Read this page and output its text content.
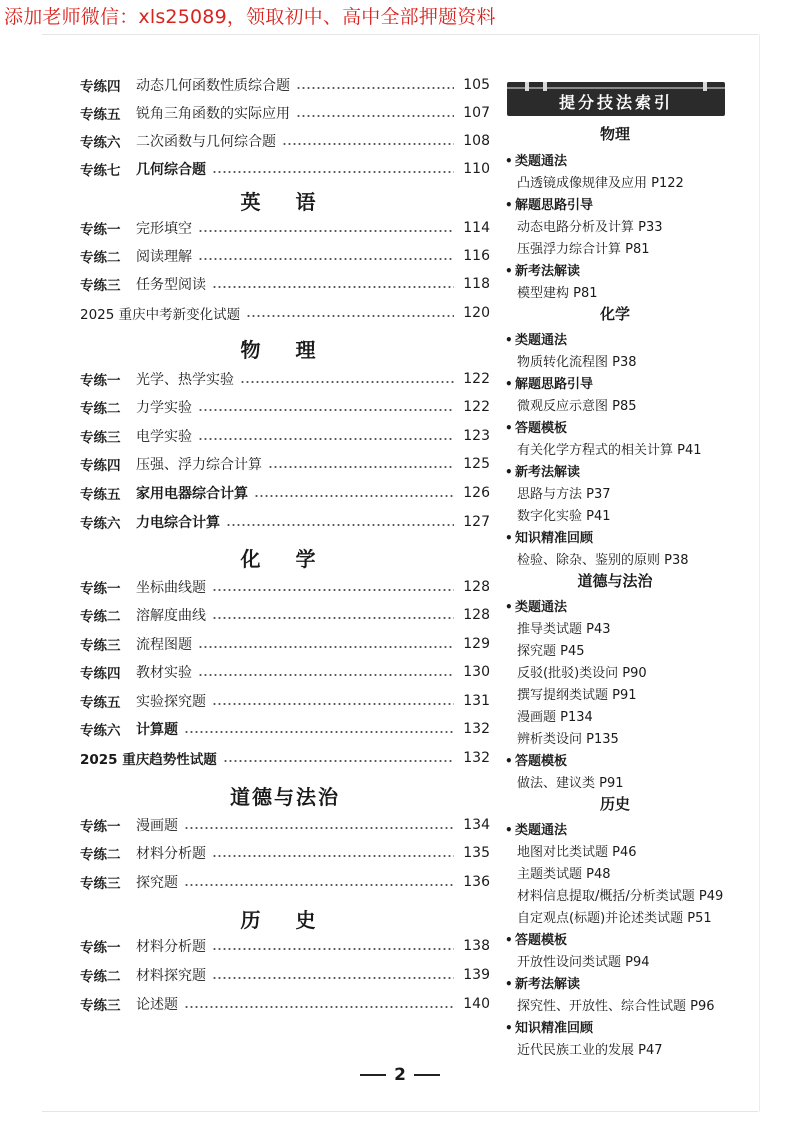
添加老师微信：xls25089，领取初中、高中全部押题资料
专练四	动态几何函数性质综合题	105
专练五	锐角三角函数的实际应用	107
专练六	二次函数与几何综合题	108
专练七	几何综合题	110
英 语
专练一	完形填空	114
专练二	阅读理解	116
专练三	任务型阅读	118
2025 重庆中考新变化试题	120
物 理
专练一	光学、热学实验	122
专练二	力学实验	122
专练三	电学实验	123
专练四	压强、浮力综合计算	125
专练五	家用电器综合计算	126
专练六	力电综合计算	127
化 学
专练一	坐标曲线题	128
专练二	溶解度曲线	128
专练三	流程图题	129
专练四	教材实验	130
专练五	实验探究题	131
专练六	计算题	132
2025 重庆趋势性试题	132
道德与法治
专练一	漫画题	134
专练二	材料分析题	135
专练三	探究题	136
历 史
专练一	材料分析题	138
专练二	材料探究题	139
专练三	论述题	140
提分技法索引
物理
• 类题通法
凸透镜成像规律及应用 P122
• 解题思路引导
动态电路分析及计算 P33
压强浮力综合计算 P81
• 新考法解读
模型建构 P81
化学
• 类题通法
物质转化流程图 P38
• 解题思路引导
微观反应示意图 P85
• 答题模板
有关化学方程式的相关计算 P41
• 新考法解读
思路与方法 P37
数字化实验 P41
• 知识精准回顾
检验、除杂、鉴别的原则 P38
道德与法治
• 类题通法
推导类试题 P43
探究题 P45
反驳(批驳)类设问 P90
撰写提纲类试题 P91
漫画题 P134
辨析类设问 P135
• 答题模板
做法、建议类 P91
历史
• 类题通法
地图对比类试题 P46
主题类试题 P48
材料信息提取/概括/分析类试题 P49
自定观点(标题)并论述类试题 P51
• 答题模板
开放性设问类试题 P94
• 新考法解读
探究性、开放性、综合性试题 P96
• 知识精准回顾
近代民族工业的发展 P47
2
